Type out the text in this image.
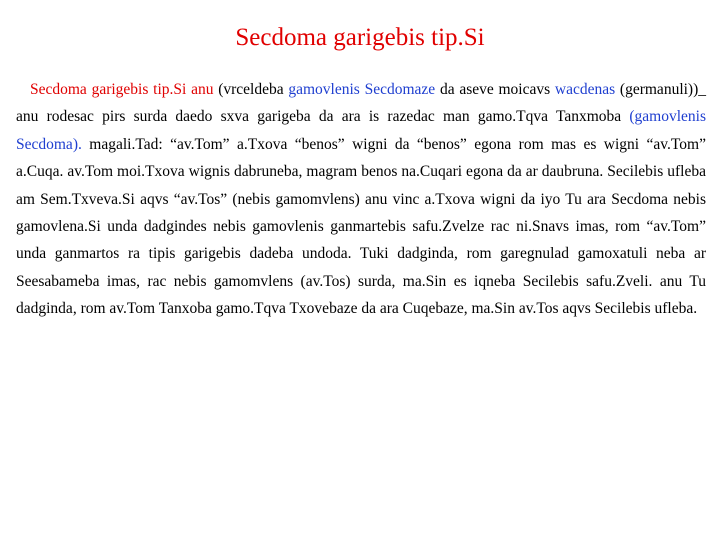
Secdoma garigebis tip.Si

Secdoma garigebis tip.Si anu (vrceldeba gamovlenis Secdomaze da aseve moicavs wacdenas (germanuli))_ anu rodesac pirs surda daedo sxva garigeba da ara is razedac man gamo.Tqva Tanxmoba (gamovlenis Secdoma). magali.Tad: “av.Tom” a.Txova “benos” wigni da “benos” egona rom mas es wigni “av.Tom” a.Cuqa. av.Tom moi.Txova wignis dabruneba, magram benos na.Cuqari egona da ar daubruna. Secilebis ufleba am Sem.Txveva.Si aqvs “av.Tos” (nebis gamomvlens) anu vinc a.Txova wigni da iyo Tu ara Secdoma nebis gamovlena.Si unda dadgindes nebis gamovlenis ganmartebis safu.Zvelze rac ni.Snavs imas, rom “av.Tom” unda ganmartos ra tipis garigebis dadeba undoda. Tuki dadginda, rom garegnulad gamoxatuli neba ar Seesabameba imas, rac nebis gamomvlens (av.Tos) surda, ma.Sin es iqneba Secilebis safu.Zveli. anu Tu dadginda, rom av.Tom Tanxoba gamo.Tqva Txovebaze da ara Cuqebaze, ma.Sin av.Tos aqvs Secilebis ufleba.
